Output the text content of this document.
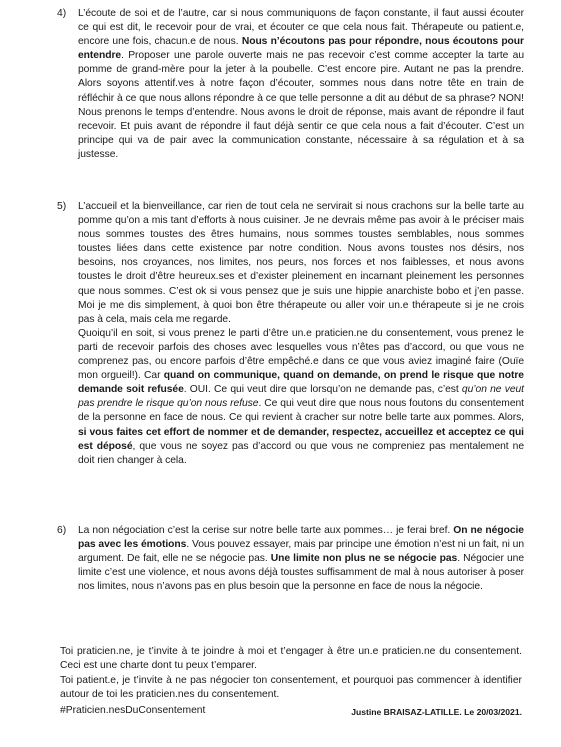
4) L’écoute de soi et de l’autre, car si nous communiquons de façon constante, il faut aussi écouter ce qui est dit, le recevoir pour de vrai, et écouter ce que cela nous fait. Thérapeute ou patient.e, encore une fois, chacun.e de nous. Nous n’écoutons pas pour répondre, nous écoutons pour entendre. Proposer une parole ouverte mais ne pas recevoir c’est comme accepter la tarte au pomme de grand-mère pour la jeter à la poubelle. C’est encore pire. Autant ne pas la prendre. Alors soyons attentif.ves à notre façon d’écouter, sommes nous dans notre tête en train de réfléchir à ce que nous allons répondre à ce que telle personne a dit au début de sa phrase? NON! Nous prenons le temps d’entendre. Nous avons le droit de réponse, mais avant de répondre il faut recevoir. Et puis avant de répondre il faut déjà sentir ce que cela nous a fait d’écouter. C’est un principe qui va de pair avec la communication constante, nécessaire à sa régulation et à sa justesse.

5) L’accueil et la bienveillance, car rien de tout cela ne servirait si nous crachons sur la belle tarte au pomme qu’on a mis tant d’efforts à nous cuisiner. Je ne devrais même pas avoir à le préciser mais nous sommes toustes des êtres humains, nous sommes toustes semblables, nous sommes toustes liées dans cette existence par notre condition. Nous avons toustes nos désirs, nos besoins, nos croyances, nos limites, nos peurs, nos forces et nos faiblesses, et nous avons toustes le droit d’être heureux.ses et d’exister pleinement en incarnant pleinement les personnes que nous sommes. C’est ok si vous pensez que je suis une hippie anarchiste bobo et j’en passe. Moi je me dis simplement, à quoi bon être thérapeute ou aller voir un.e thérapeute si je ne crois pas à cela, mais cela me regarde.
Quoiqu’il en soit, si vous prenez le parti d’être un.e praticien.ne du consentement, vous prenez le parti de recevoir parfois des choses avec lesquelles vous n’êtes pas d’accord, ou que vous ne comprenez pas, ou encore parfois d’être empêché.e dans ce que vous aviez imaginé faire (Ouïe mon orgueil!). Car quand on communique, quand on demande, on prend le risque que notre demande soit refusée. OUI. Ce qui veut dire que lorsqu’on ne demande pas, c’est qu’on ne veut pas prendre le risque qu’on nous refuse. Ce qui veut dire que nous nous foutons du consentement de la personne en face de nous. Ce qui revient à cracher sur notre belle tarte aux pommes. Alors, si vous faites cet effort de nommer et de demander, respectez, accueillez et acceptez ce qui est déposé, que vous ne soyez pas d’accord ou que vous ne compreniez pas mentalement ne doit rien changer à cela.

6) La non négociation c’est la cerise sur notre belle tarte aux pommes… je ferai bref. On ne négocie pas avec les émotions. Vous pouvez essayer, mais par principe une émotion n’est ni un fait, ni un argument. De fait, elle ne se négocie pas. Une limite non plus ne se négocie pas. Négocier une limite c’est une violence, et nous avons déjà toustes suffisamment de mal à nous autoriser à poser nos limites, nous n’avons pas en plus besoin que la personne en face de nous la négocie.

Toi praticien.ne, je t’invite à te joindre à moi et t’engager à être un.e praticien.ne du consentement. Ceci est une charte dont tu peux t’emparer.

Toi patient.e, je t’invite à ne pas négocier ton consentement, et pourquoi pas commencer à identifier autour de toi les praticien.nes du consentement.

#Praticien.nesDuConsentement	Justine BRAISAZ-LATILLE. Le 20/03/2021.
